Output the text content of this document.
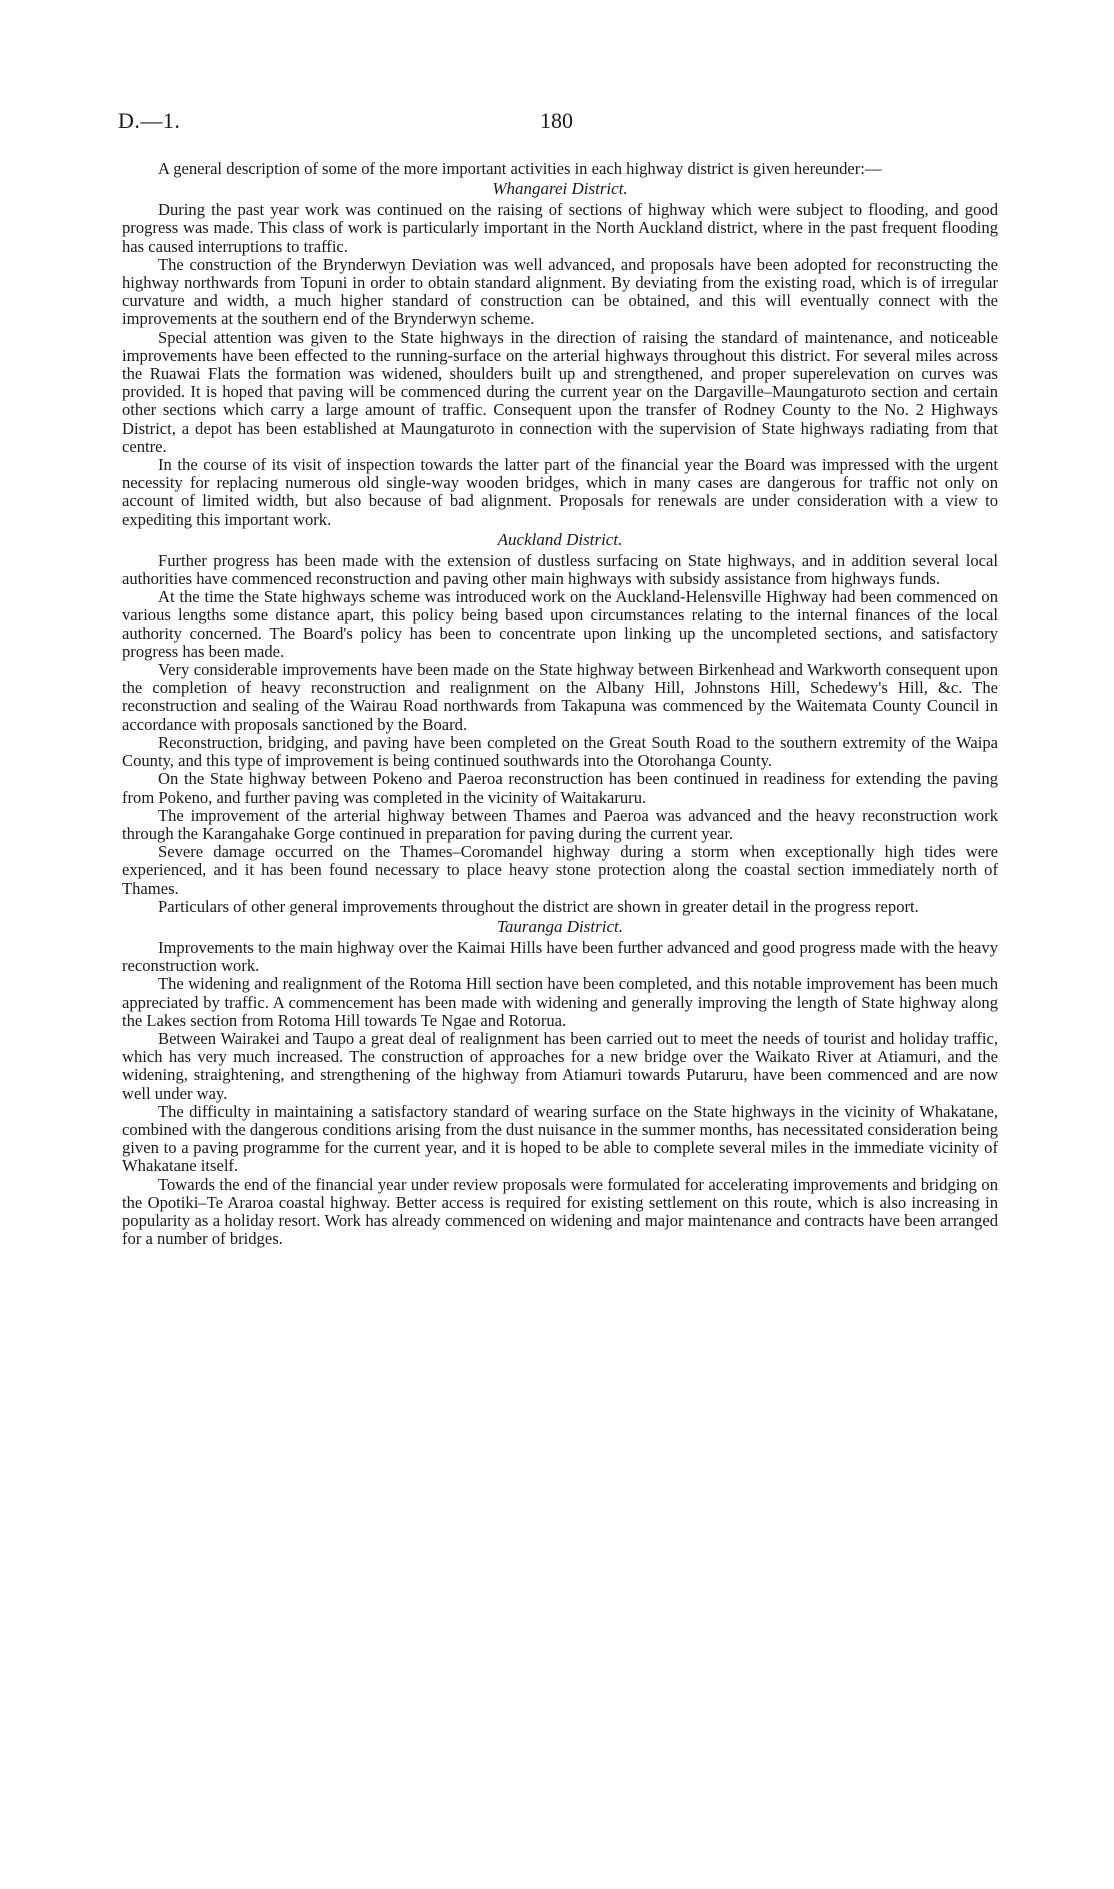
D.—1.	180

A general description of some of the more important activities in each highway district is given hereunder:—

Whangarei District.

During the past year work was continued on the raising of sections of highway which were subject to flooding, and good progress was made. This class of work is particularly important in the North Auckland district, where in the past frequent flooding has caused interruptions to traffic.

The construction of the Brynderwyn Deviation was well advanced, and proposals have been adopted for reconstructing the highway northwards from Topuni in order to obtain standard alignment. By deviating from the existing road, which is of irregular curvature and width, a much higher standard of construction can be obtained, and this will eventually connect with the improvements at the southern end of the Brynderwyn scheme.

Special attention was given to the State highways in the direction of raising the standard of maintenance, and noticeable improvements have been effected to the running-surface on the arterial highways throughout this district. For several miles across the Ruawai Flats the formation was widened, shoulders built up and strengthened, and proper superelevation on curves was provided. It is hoped that paving will be commenced during the current year on the Dargaville–Maungaturoto section and certain other sections which carry a large amount of traffic. Consequent upon the transfer of Rodney County to the No. 2 Highways District, a depot has been established at Maungaturoto in connection with the supervision of State highways radiating from that centre.

In the course of its visit of inspection towards the latter part of the financial year the Board was impressed with the urgent necessity for replacing numerous old single-way wooden bridges, which in many cases are dangerous for traffic not only on account of limited width, but also because of bad alignment. Proposals for renewals are under consideration with a view to expediting this important work.

Auckland District.

Further progress has been made with the extension of dustless surfacing on State highways, and in addition several local authorities have commenced reconstruction and paving other main highways with subsidy assistance from highways funds.

At the time the State highways scheme was introduced work on the Auckland-Helensville Highway had been commenced on various lengths some distance apart, this policy being based upon circumstances relating to the internal finances of the local authority concerned. The Board's policy has been to concentrate upon linking up the uncompleted sections, and satisfactory progress has been made.

Very considerable improvements have been made on the State highway between Birkenhead and Warkworth consequent upon the completion of heavy reconstruction and realignment on the Albany Hill, Johnstons Hill, Schedewy's Hill, &c. The reconstruction and sealing of the Wairau Road northwards from Takapuna was commenced by the Waitemata County Council in accordance with proposals sanctioned by the Board.

Reconstruction, bridging, and paving have been completed on the Great South Road to the southern extremity of the Waipa County, and this type of improvement is being continued southwards into the Otorohanga County.

On the State highway between Pokeno and Paeroa reconstruction has been continued in readiness for extending the paving from Pokeno, and further paving was completed in the vicinity of Waitakaruru.

The improvement of the arterial highway between Thames and Paeroa was advanced and the heavy reconstruction work through the Karangahake Gorge continued in preparation for paving during the current year.

Severe damage occurred on the Thames–Coromandel highway during a storm when exceptionally high tides were experienced, and it has been found necessary to place heavy stone protection along the coastal section immediately north of Thames.

Particulars of other general improvements throughout the district are shown in greater detail in the progress report.

Tauranga District.

Improvements to the main highway over the Kaimai Hills have been further advanced and good progress made with the heavy reconstruction work.

The widening and realignment of the Rotoma Hill section have been completed, and this notable improvement has been much appreciated by traffic. A commencement has been made with widening and generally improving the length of State highway along the Lakes section from Rotoma Hill towards Te Ngae and Rotorua.

Between Wairakei and Taupo a great deal of realignment has been carried out to meet the needs of tourist and holiday traffic, which has very much increased. The construction of approaches for a new bridge over the Waikato River at Atiamuri, and the widening, straightening, and strengthening of the highway from Atiamuri towards Putaruru, have been commenced and are now well under way.

The difficulty in maintaining a satisfactory standard of wearing surface on the State highways in the vicinity of Whakatane, combined with the dangerous conditions arising from the dust nuisance in the summer months, has necessitated consideration being given to a paving programme for the current year, and it is hoped to be able to complete several miles in the immediate vicinity of Whakatane itself.

Towards the end of the financial year under review proposals were formulated for accelerating improvements and bridging on the Opotiki–Te Araroa coastal highway. Better access is required for existing settlement on this route, which is also increasing in popularity as a holiday resort. Work has already commenced on widening and major maintenance and contracts have been arranged for a number of bridges.
